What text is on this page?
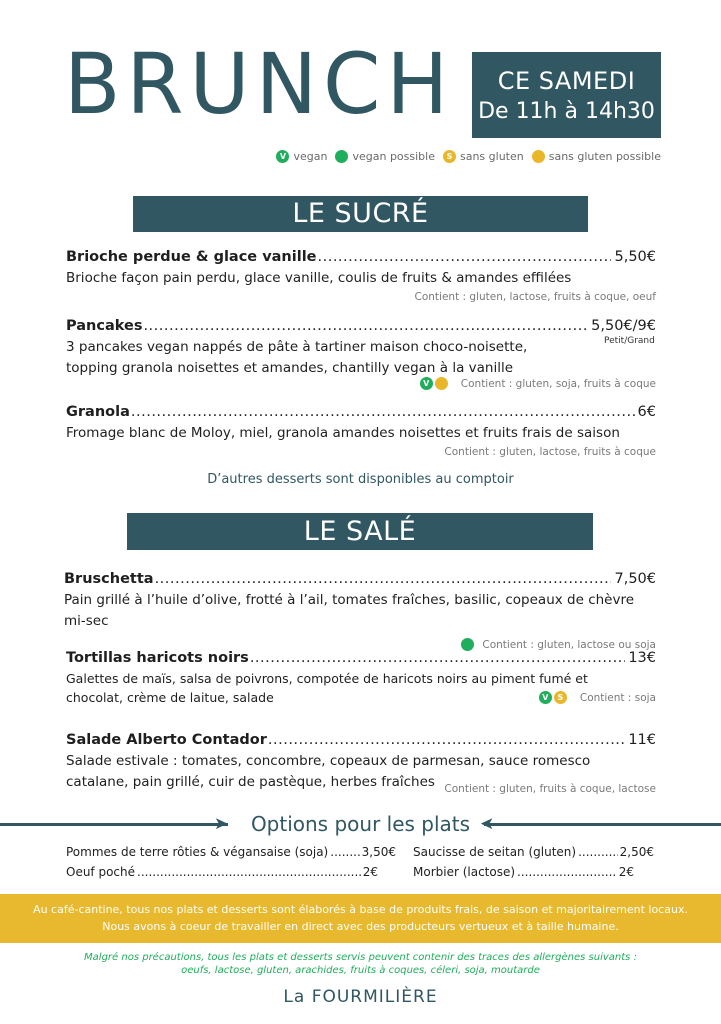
BRUNCH	CE SAMEDI
De 11h à 14h30
V vegan vegan possible	S sans gluten sans gluten possible
LE SUCRÉ
Brioche perdue & glace vanille .....	5,50€
Brioche façon pain perdu, glace vanille, coulis de fruits & amandes effilées
Contient : gluten, lactose, fruits à coque, oeuf
Pancakes .....	5,50€/9€
3 pancakes vegan nappés de pâte à tartiner maison choco-noisette, topping granola noisettes et amandes, chantilly vegan à la vanille
V	Contient : gluten, soja, fruits à coque
Petit/Grand
Granola .....	6€
Fromage blanc de Moloy, miel, granola amandes noisettes et fruits frais de saison
Contient : gluten, lactose, fruits à coque
D’autres desserts sont disponibles au comptoir
LE SALÉ
Bruschetta .....	7,50€
Pain grillé à l’huile d’olive, frotté à l’ail, tomates fraîches, basilic, copeaux de chèvre mi-sec
Contient : gluten, lactose ou soja
Tortillas haricots noirs .....	13€
Galettes de maïs, salsa de poivrons, compotée de haricots noirs au piment fumé et chocolat, crème de laitue, salade	V	S	Contient : soja
Salade Alberto Contador .....	11€
Salade estivale : tomates, concombre, copeaux de parmesan, sauce romesco catalane, pain grillé, cuir de pastèque, herbes fraîches Contient : gluten, fruits à coque, lactose
➤	➤
Options pour les plats
Pommes de terre rôties & végansaise (soja) .....	3,50€
Oeuf poché .....	2€
Saucisse de seitan (gluten) .....	2,50€
Morbier (lactose) .....	2€
Au café-cantine, tous nos plats et desserts sont élaborés à base de produits frais, de saison et majoritairement locaux.
Nous avons à coeur de travailler en direct avec des producteurs vertueux et à taille humaine.
Malgré nos précautions, tous les plats et desserts servis peuvent contenir des traces des allergènes suivants :
oeufs, lactose, gluten, arachides, fruits à coques, céleri, soja, moutarde
La FOURMILIÈRE
